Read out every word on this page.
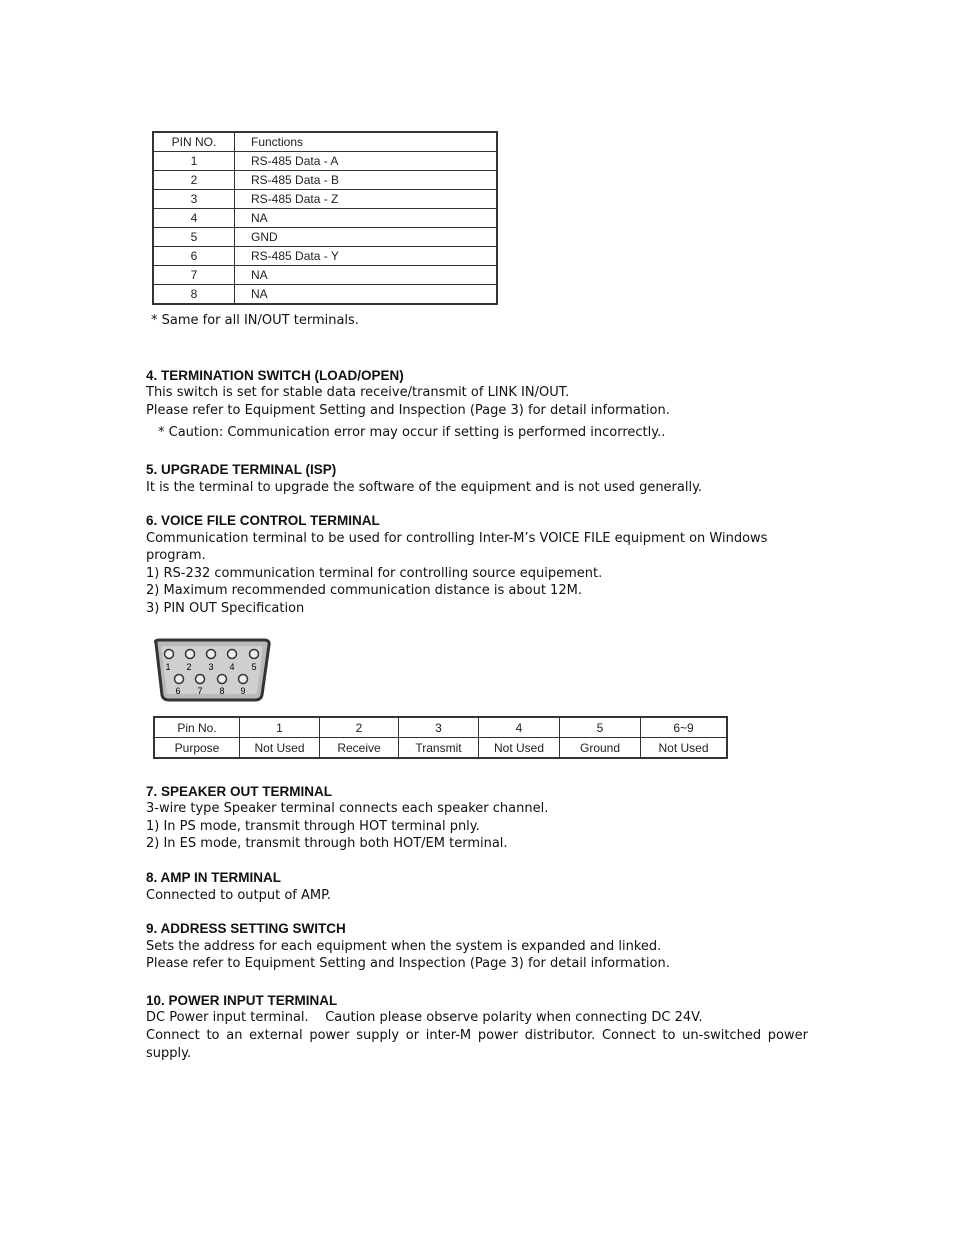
PIN NO.	Functions
1	RS-485 Data - A
2	RS-485 Data - B
3	RS-485 Data - Z
4	NA
5	GND
6	RS-485 Data - Y
7	NA
8	NA
* Same for all IN/OUT terminals.
4. TERMINATION SWITCH (LOAD/OPEN)
This switch is set for stable data receive/transmit of LINK IN/OUT.
Please refer to Equipment Setting and Inspection (Page 3) for detail information.
* Caution: Communication error may occur if setting is performed incorrectly..
5. UPGRADE TERMINAL (ISP)
It is the terminal to upgrade the software of the equipment and is not used generally.
6. VOICE FILE CONTROL TERMINAL
Communication terminal to be used for controlling Inter-M’s VOICE FILE equipment on Windows
program.
1) RS-232 communication terminal for controlling source equipement.
2) Maximum recommended communication distance is about 12M.
3) PIN OUT Specification
1 2 3 4 5
6 7 8 9
Pin No.	1	2	3	4	5	6~9
Purpose	Not Used	Receive	Transmit	Not Used	Ground	Not Used
7. SPEAKER OUT TERMINAL
3-wire type Speaker terminal connects each speaker channel.
1) In PS mode, transmit through HOT terminal pnly.
2) In ES mode, transmit through both HOT/EM terminal.
8. AMP IN TERMINAL
Connected to output of AMP.
9. ADDRESS SETTING SWITCH
Sets the address for each equipment when the system is expanded and linked.
Please refer to Equipment Setting and Inspection (Page 3) for detail information.
10. POWER INPUT TERMINAL
DC Power input terminal.    Caution please observe polarity when connecting DC 24V.
Connect to an external power supply or inter-M power distributor. Connect to un-switched power supply.
